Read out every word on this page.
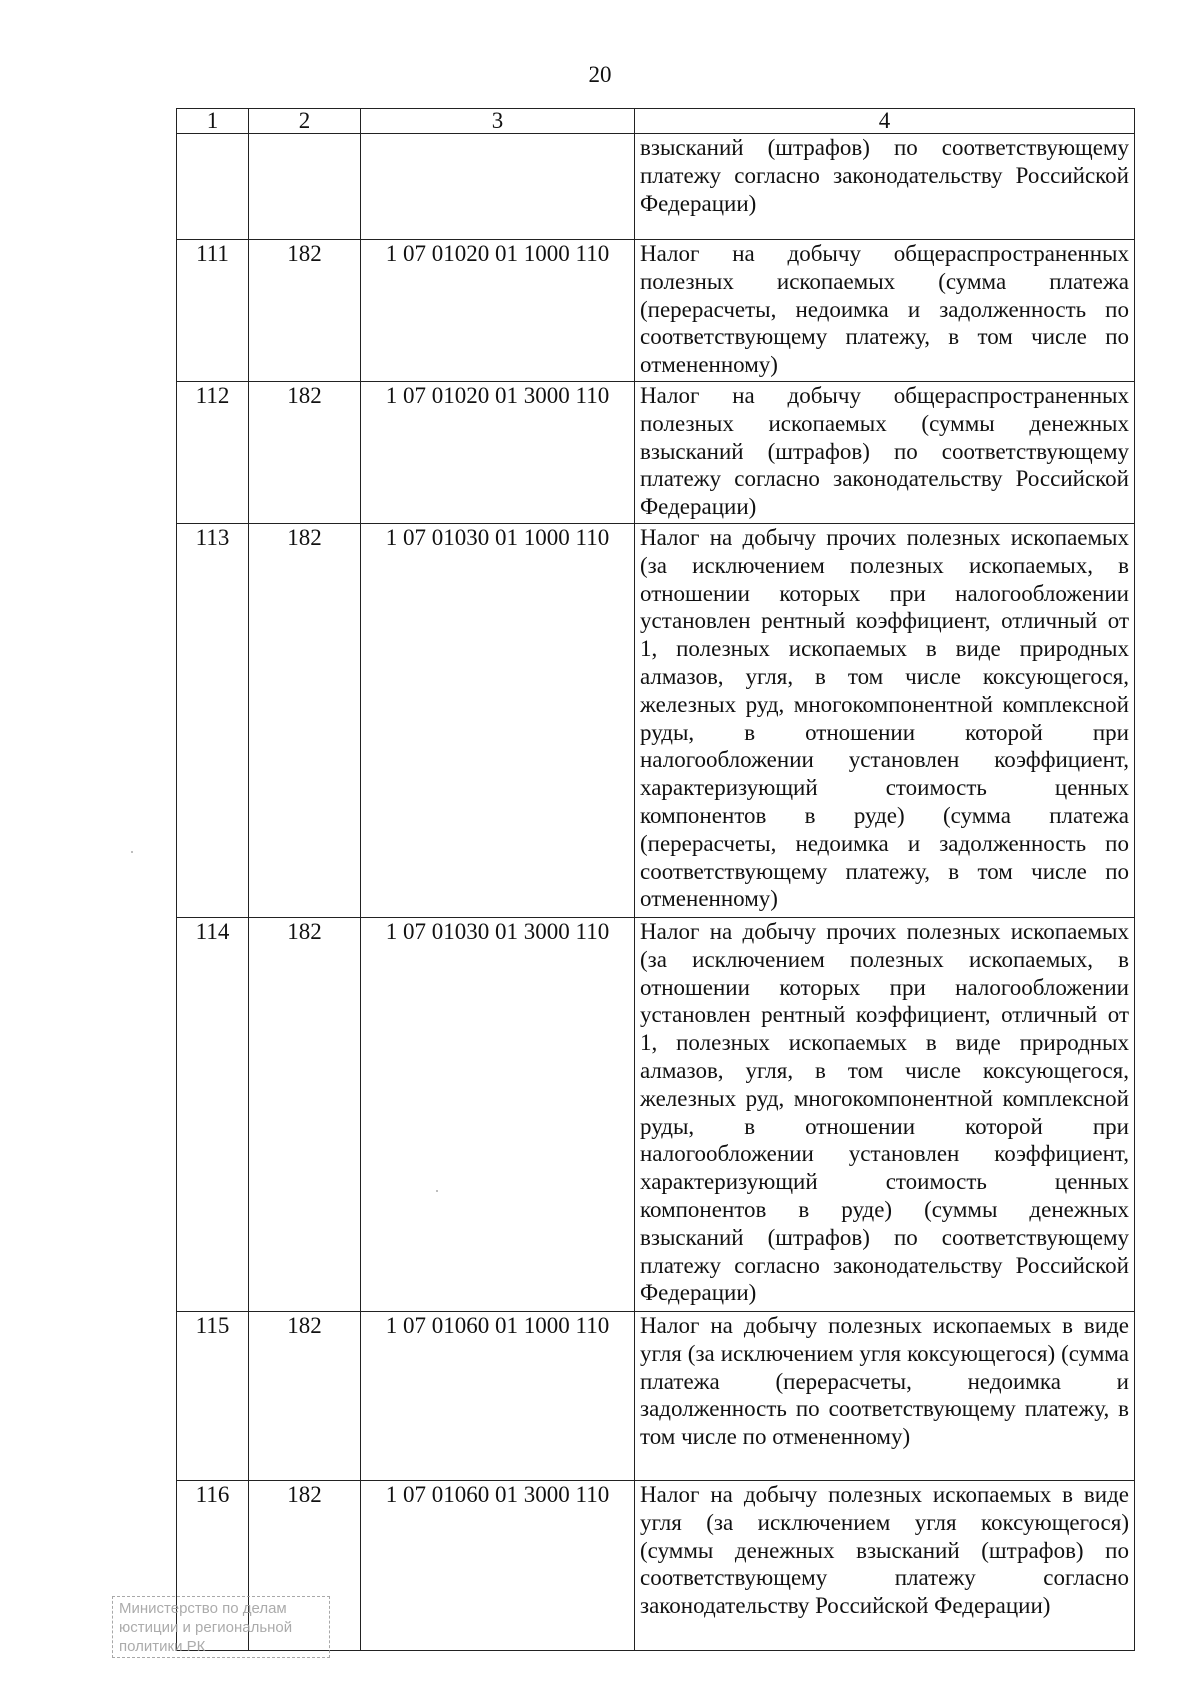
20
1	2	3	4
			взысканий (штрафов) по соответствующему платежу согласно законодательству Российской Федерации)
111	182	1 07 01020 01 1000 110	Налог на добычу общераспространенных полезных ископаемых (сумма платежа (перерасчеты, недоимка и задолженность по соответствующему платежу, в том числе по отмененному)
112	182	1 07 01020 01 3000 110	Налог на добычу общераспространенных полезных ископаемых (суммы денежных взысканий (штрафов) по соответствующему платежу согласно законодательству Российской Федерации)
113	182	1 07 01030 01 1000 110	Налог на добычу прочих полезных ископаемых (за исключением полезных ископаемых, в отношении которых при налогообложении установлен рентный коэффициент, отличный от 1, полезных ископаемых в виде природных алмазов, угля, в том числе коксующегося, железных руд, многокомпонентной комплексной руды, в отношении которой при налогообложении установлен коэффициент, характеризующий стоимость ценных компонентов в руде) (сумма платежа (перерасчеты, недоимка и задолженность по соответствующему платежу, в том числе по отмененному)
114	182	1 07 01030 01 3000 110	Налог на добычу прочих полезных ископаемых (за исключением полезных ископаемых, в отношении которых при налогообложении установлен рентный коэффициент, отличный от 1, полезных ископаемых в виде природных алмазов, угля, в том числе коксующегося, железных руд, многокомпонентной комплексной руды, в отношении которой при налогообложении установлен коэффициент, характеризующий стоимость ценных компонентов в руде) (суммы денежных взысканий (штрафов) по соответствующему платежу согласно законодательству Российской Федерации)
115	182	1 07 01060 01 1000 110	Налог на добычу полезных ископаемых в виде угля (за исключением угля коксующегося) (сумма платежа (перерасчеты, недоимка и задолженность по соответствующему платежу, в том числе по отмененному)
116	182	1 07 01060 01 3000 110	Налог на добычу полезных ископаемых в виде угля (за исключением угля коксующегося) (суммы денежных взысканий (штрафов) по соответствующему платежу согласно законодательству Российской Федерации)
Министерство по делам
юстиции и региональной
политики РК
